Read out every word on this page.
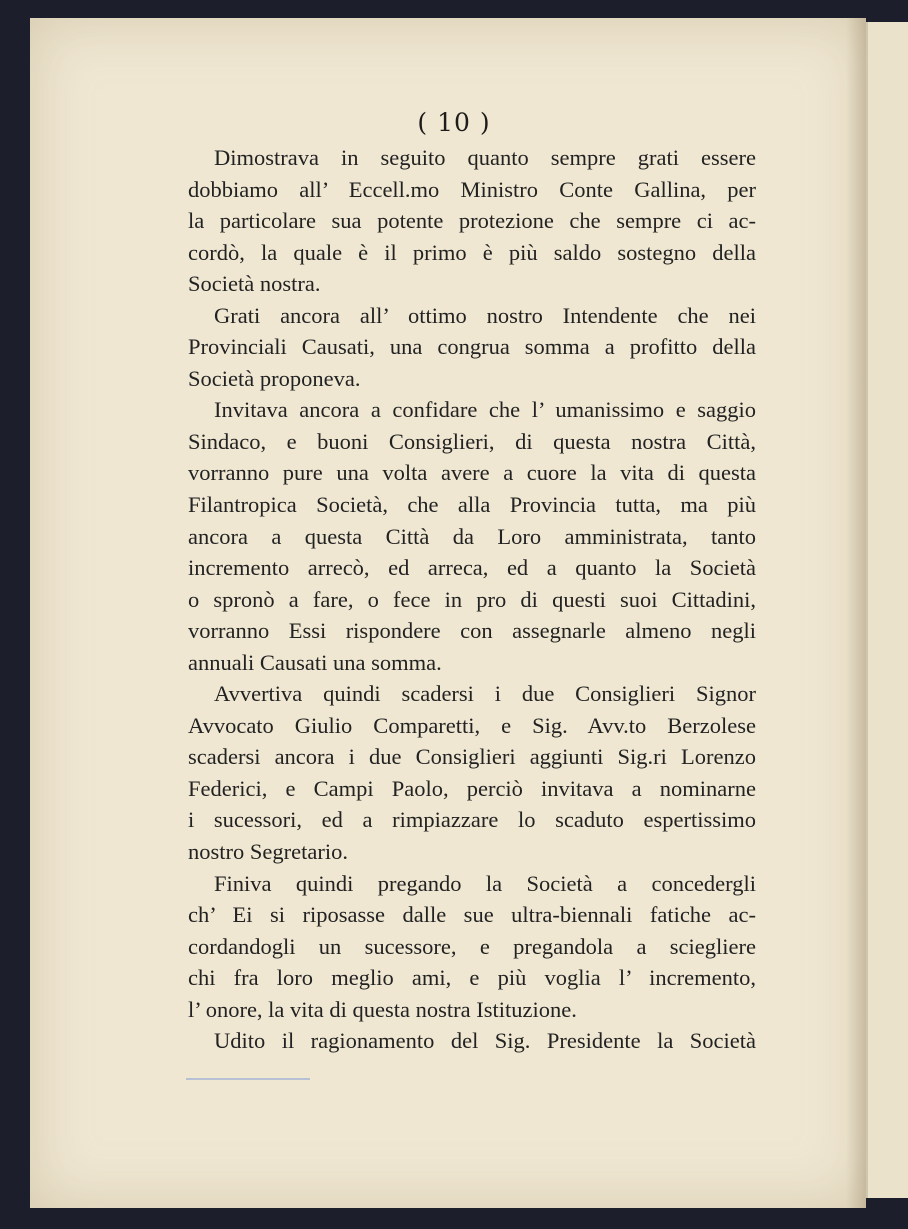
( 10 )
Dimostrava in seguito quanto sempre grati essere
dobbiamo all’ Eccell.mo Ministro Conte Gallina, per
la particolare sua potente protezione che sempre ci ac-
cordò, la quale è il primo è più saldo sostegno della
Società nostra.
Grati ancora all’ ottimo nostro Intendente che nei
Provinciali Causati, una congrua somma a profitto della
Società proponeva.
Invitava ancora a confidare che l’ umanissimo e saggio
Sindaco, e buoni Consiglieri, di questa nostra Città,
vorranno pure una volta avere a cuore la vita di questa
Filantropica Società, che alla Provincia tutta, ma più
ancora a questa Città da Loro amministrata, tanto
incremento arrecò, ed arreca, ed a quanto la Società
o spronò a fare, o fece in pro di questi suoi Cittadini,
vorranno Essi rispondere con assegnarle almeno negli
annuali Causati una somma.
Avvertiva quindi scadersi i due Consiglieri Signor
Avvocato Giulio Comparetti, e Sig. Avv.to Berzolese
scadersi ancora i due Consiglieri aggiunti Sig.ri Lorenzo
Federici, e Campi Paolo, perciò invitava a nominarne
i sucessori, ed a rimpiazzare lo scaduto espertissimo
nostro Segretario.
Finiva quindi pregando la Società a concedergli
ch’ Ei si riposasse dalle sue ultra-biennali fatiche ac-
cordandogli un sucessore, e pregandola a sciegliere
chi fra loro meglio ami, e più voglia l’ incremento,
l’ onore, la vita di questa nostra Istituzione.
Udito il ragionamento del Sig. Presidente la Società
